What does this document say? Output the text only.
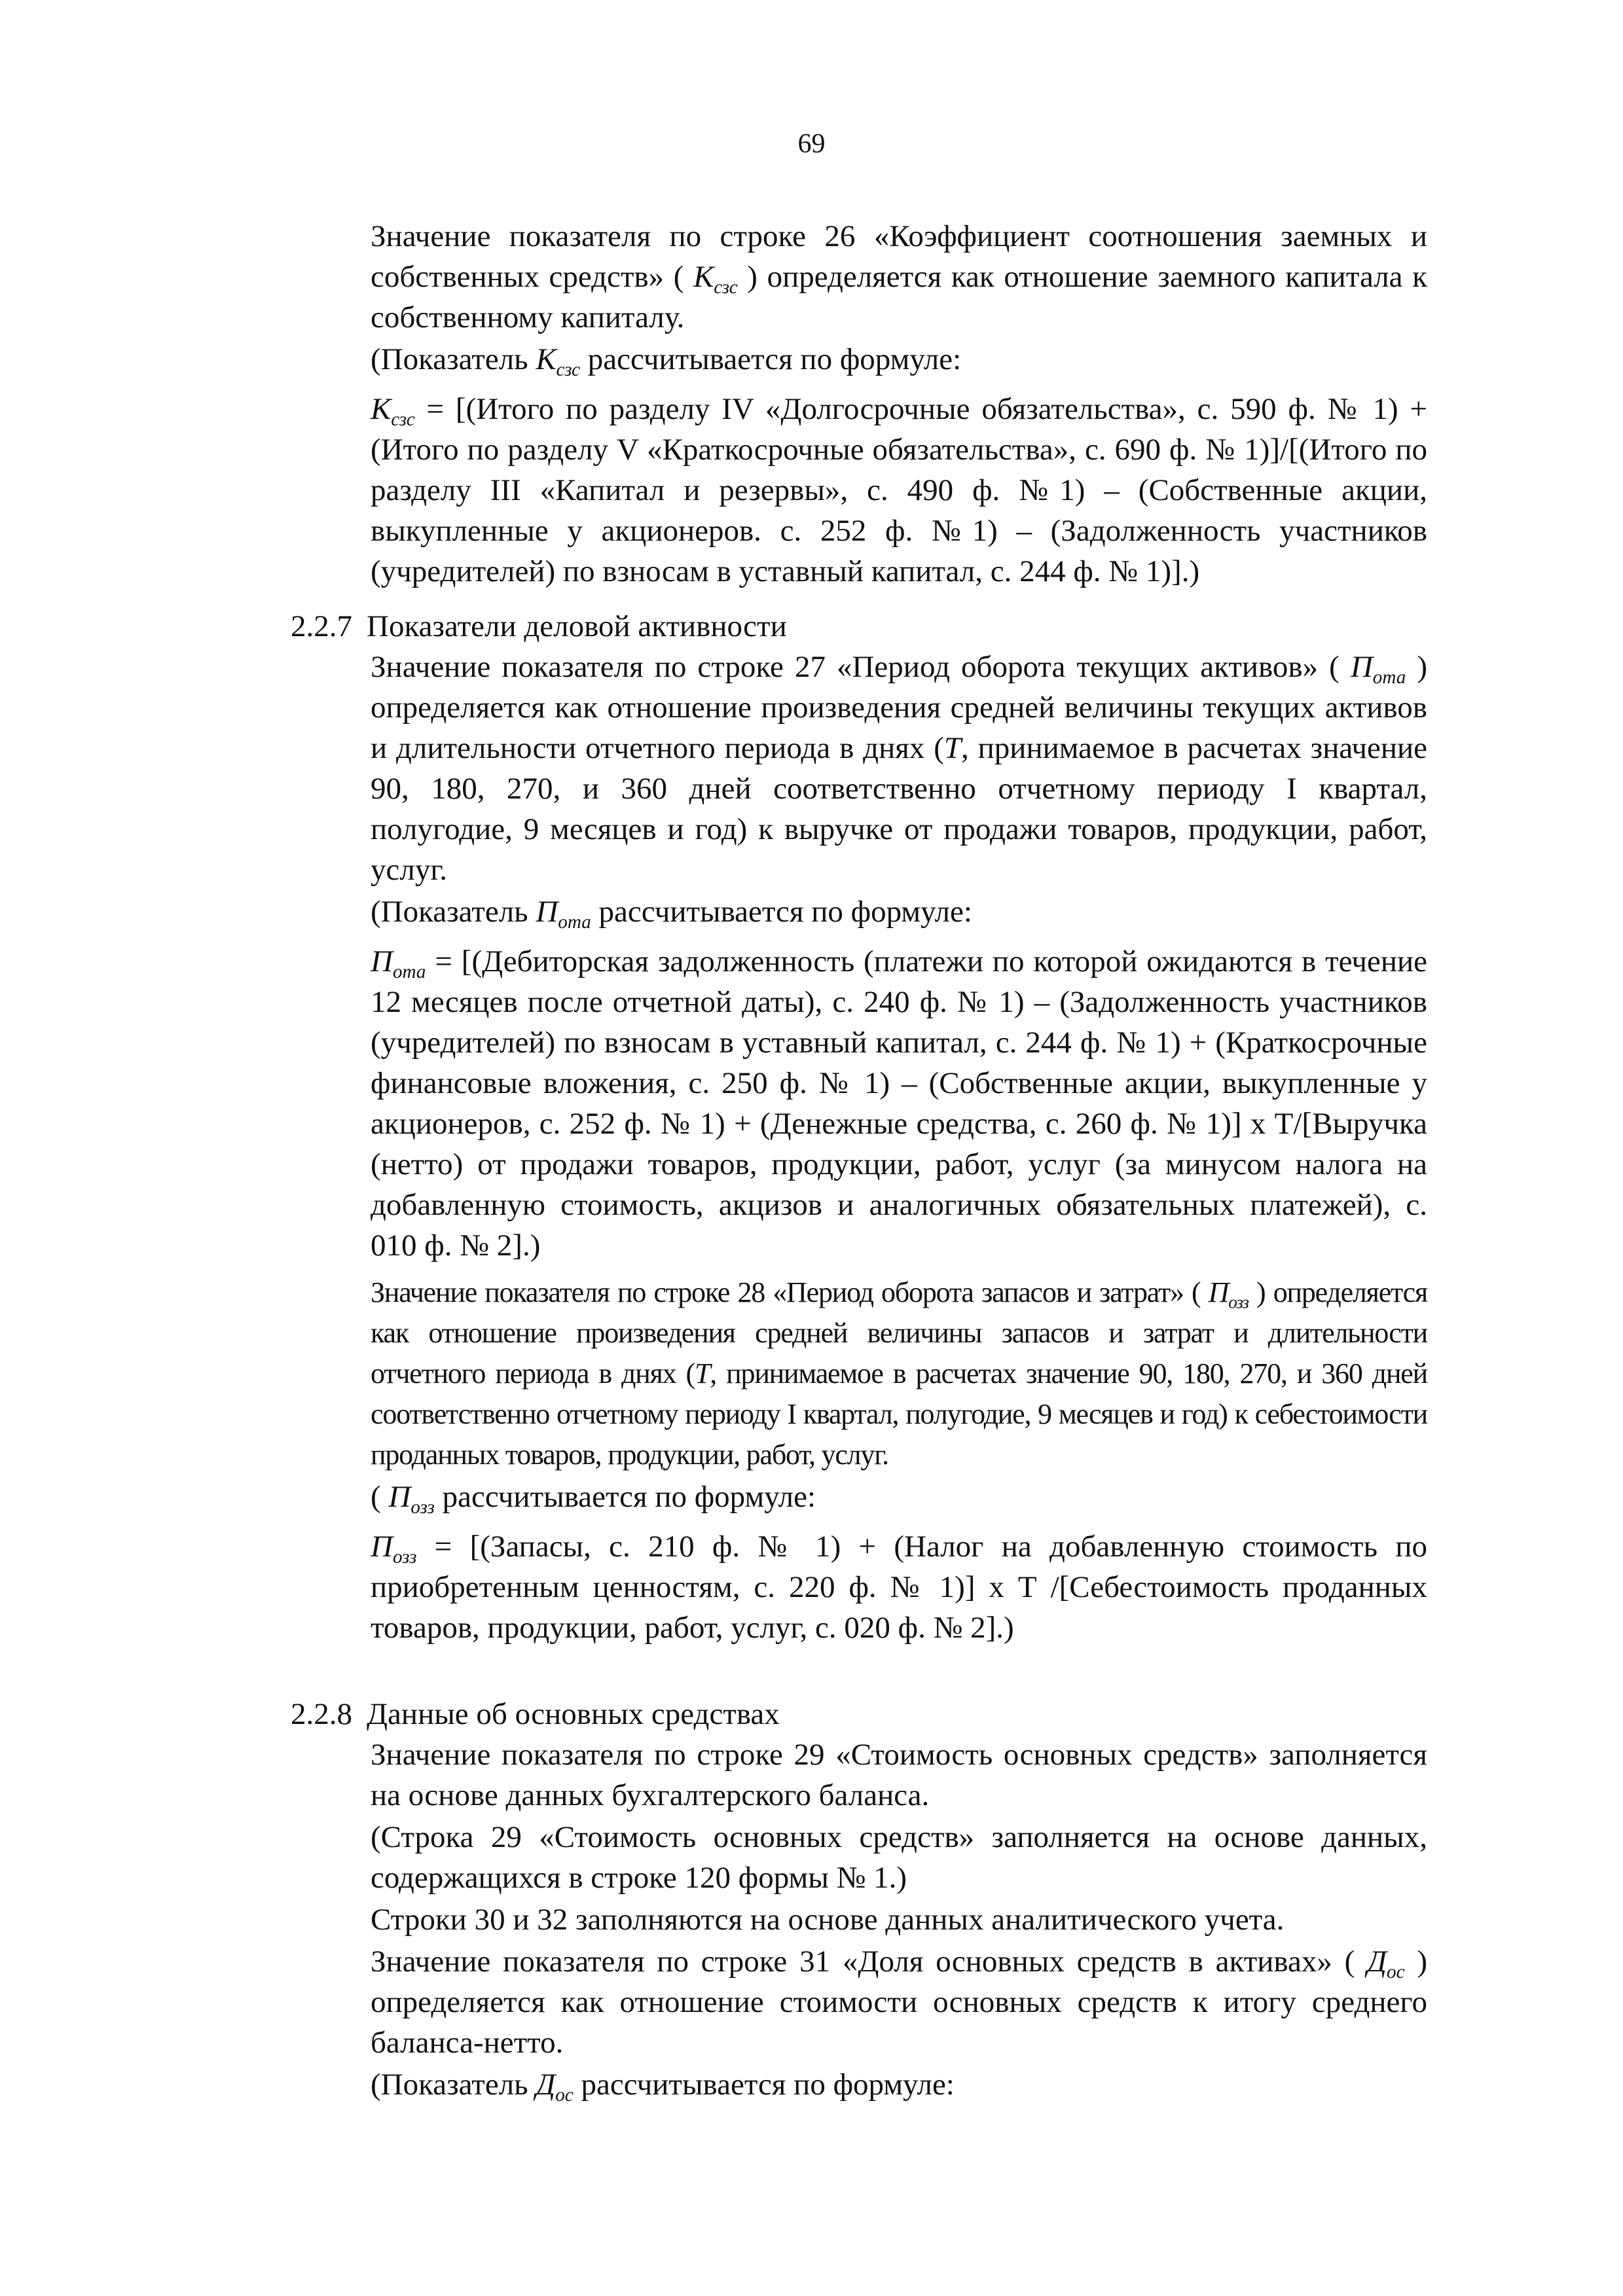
69

Значение показателя по строке 26 «Коэффициент соотношения заемных и собственных средств» ( $К_{сзс}$ ) определяется как отношение заемного капитала к собственному капиталу.

(Показатель $К_{сзс}$ рассчитывается по формуле:

$К_{сзс}$ = [(Итого по разделу IV «Долгосрочные обязательства», с. 590 ф. № 1) + (Итого по разделу V «Краткосрочные обязательства», с. 690 ф. № 1)]/[(Итого по разделу III «Капитал и резервы», с. 490 ф. №1) – (Собственные акции, выкупленные у акционеров. с. 252 ф. №1) – (Задолженность участников (учредителей) по взносам в уставный капитал, с. 244 ф. № 1)].)

2.2.7 Показатели деловой активности

Значение показателя по строке 27 «Период оборота текущих активов» ( $П_{ота}$ ) определяется как отношение произведения средней величины текущих активов и длительности отчетного периода в днях (Т, принимаемое в расчетах значение 90, 180, 270, и 360 дней соответственно отчетному периоду I квартал, полугодие, 9 месяцев и год) к выручке от продажи товаров, продукции, работ, услуг.

(Показатель $П_{ота}$ рассчитывается по формуле:

$П_{ота}$ = [(Дебиторская задолженность (платежи по которой ожидаются в течение 12 месяцев после отчетной даты), с. 240 ф. № 1) – (Задолженность участников (учредителей) по взносам в уставный капитал, с. 244 ф. № 1) + (Краткосрочные финансовые вложения, с. 250 ф. № 1) – (Собственные акции, выкупленные у акционеров, с. 252 ф. № 1) + (Денежные средства, с. 260 ф. № 1)] х Т/[Выручка (нетто) от продажи товаров, продукции, работ, услуг (за минусом налога на добавленную стоимость, акцизов и аналогичных обязательных платежей), с. 010 ф. № 2].)

Значение показателя по строке 28 «Период оборота запасов и затрат» ( $П_{озз}$ ) определяется как отношение произведения средней величины запасов и затрат и длительности отчетного периода в днях (Т, принимаемое в расчетах значение 90, 180, 270, и 360 дней соответственно отчетному периоду I квартал, полугодие, 9 месяцев и год) к себестоимости проданных товаров, продукции, работ, услуг.

( $П_{озз}$ рассчитывается по формуле:

$П_{озз}$ = [(Запасы, с. 210 ф. № 1) + (Налог на добавленную стоимость по приобретенным ценностям, с. 220 ф. № 1)] х Т /[Себестоимость проданных товаров, продукции, работ, услуг, с. 020 ф. № 2].)

2.2.8 Данные об основных средствах

Значение показателя по строке 29 «Стоимость основных средств» заполняется на основе данных бухгалтерского баланса.

(Строка 29 «Стоимость основных средств» заполняется на основе данных, содержащихся в строке 120 формы № 1.)

Строки 30 и 32 заполняются на основе данных аналитического учета.

Значение показателя по строке 31 «Доля основных средств в активах» ( $Д_{ос}$ ) определяется как отношение стоимости основных средств к итогу среднего баланса-нетто.

(Показатель $Д_{ос}$ рассчитывается по формуле:
